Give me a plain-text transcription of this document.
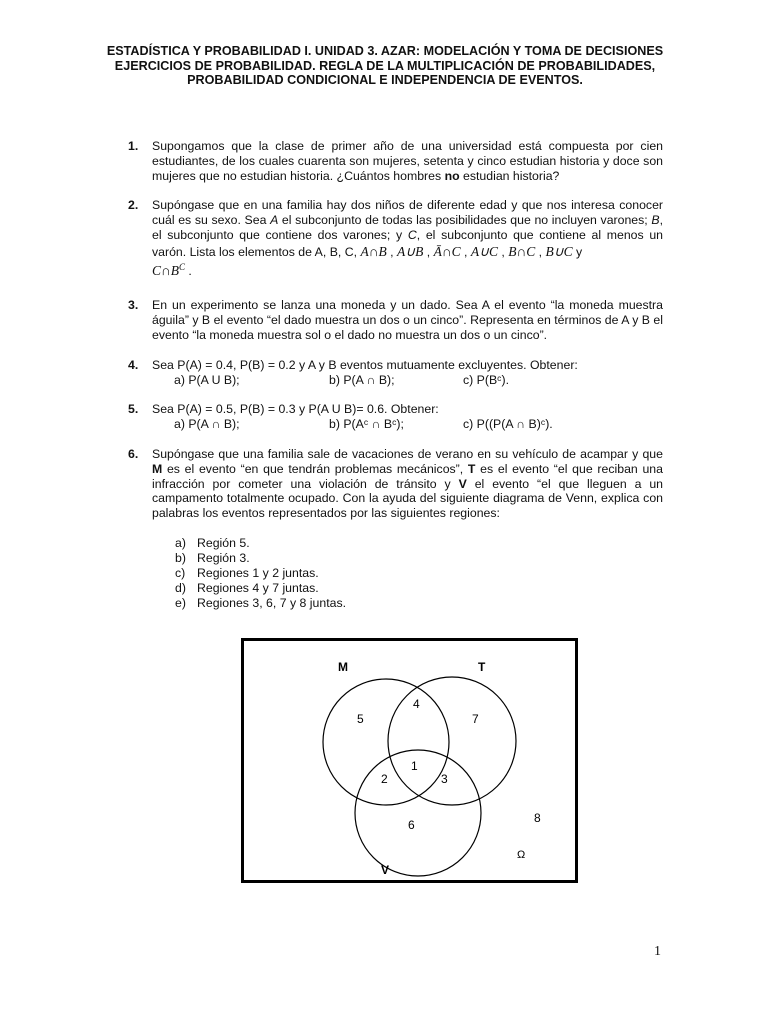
ESTADÍSTICA Y PROBABILIDAD I. UNIDAD 3. AZAR: MODELACIÓN Y TOMA DE DECISIONES
EJERCICIOS DE PROBABILIDAD. REGLA DE LA MULTIPLICACIÓN DE PROBABILIDADES, PROBABILIDAD CONDICIONAL E INDEPENDENCIA DE EVENTOS.
1. Supongamos que la clase de primer año de una universidad está compuesta por cien estudiantes, de los cuales cuarenta son mujeres, setenta y cinco estudian historia y doce son mujeres que no estudian historia. ¿Cuántos hombres no estudian historia?
2. Supóngase que en una familia hay dos niños de diferente edad y que nos interesa conocer cuál es su sexo. Sea A el subconjunto de todas las posibilidades que no incluyen varones; B, el subconjunto que contiene dos varones; y C, el subconjunto que contiene al menos un varón. Lista los elementos de A, B, C, A∩B , A∪B , Ā∩C , A∪C , B∩C , B∪C y
$C\cap B^C$ .
3. En un experimento se lanza una moneda y un dado. Sea A el evento “la moneda muestra águila” y B el evento “el dado muestra un dos o un cinco”. Representa en términos de A y B el evento “la moneda muestra sol o el dado no muestra un dos o un cinco”.
4. Sea P(A) = 0.4, P(B) = 0.2 y A y B eventos mutuamente excluyentes. Obtener:
a) P(A U B);	b) P(A ∩ B);	c) P(Bᶜ).
5. Sea P(A) = 0.5, P(B) = 0.3 y P(A U B)= 0.6. Obtener:
a) P(A ∩ B);	b) P(Aᶜ ∩ Bᶜ);	c) P((P(A ∩ B)ᶜ).
6. Supóngase que una familia sale de vacaciones de verano en su vehículo de acampar y que M es el evento “en que tendrán problemas mecánicos”, T es el evento “el que reciban una infracción por cometer una violación de tránsito y V el evento “el que lleguen a un campamento totalmente ocupado. Con la ayuda del siguiente diagrama de Venn, explica con palabras los eventos representados por las siguientes regiones:
a) Región 5.
b) Región 3.
c) Regiones 1 y 2 juntas.
d) Regiones 4 y 7 juntas.
e) Regiones 3, 6, 7 y 8 juntas.
M	T
V
5
4
7
1
2	3
6	8
Ω
1
